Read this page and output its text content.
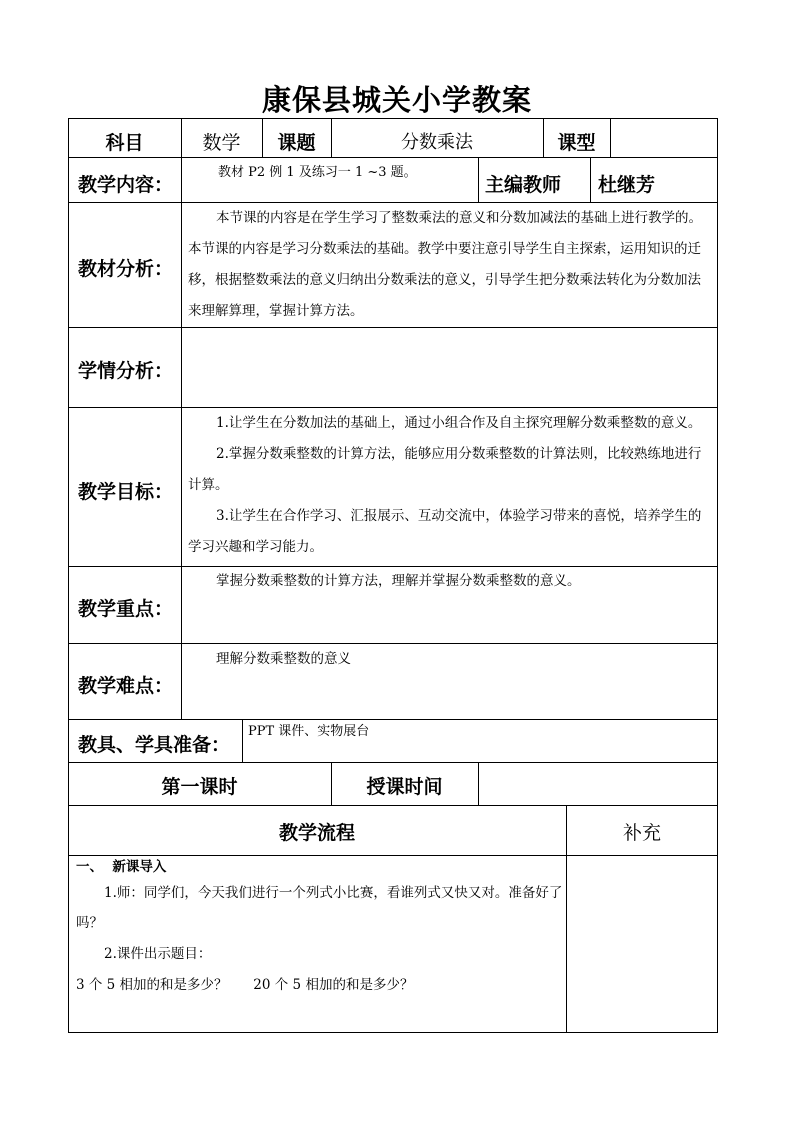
康保县城关小学教案
科目	数学	课题	分数乘法	课型
教学内容：
教材 P2 例 1 及练习一 1 ~3 题。
主编教师 杜继芳
教材分析：
本节课的内容是在学生学习了整数乘法的意义和分数加减法的基础上进行教学的。
本节课的内容是学习分数乘法的基础。教学中要注意引导学生自主探索，运用知识的迁
移，根据整数乘法的意义归纳出分数乘法的意义，引导学生把分数乘法转化为分数加法
来理解算理，掌握计算方法。
学情分析：
教学目标：
1.让学生在分数加法的基础上，通过小组合作及自主探究理解分数乘整数的意义。
2.掌握分数乘整数的计算方法，能够应用分数乘整数的计算法则，比较熟练地进行
计算。
3.让学生在合作学习、汇报展示、互动交流中，体验学习带来的喜悦，培养学生的
学习兴趣和学习能力。
教学重点：
掌握分数乘整数的计算方法，理解并掌握分数乘整数的意义。
教学难点：
理解分数乘整数的意义
教具、学具准备：
PPT 课件、实物展台
第一课时	授课时间
教学流程	补充
一、  新课导入
1.师：同学们，今天我们进行一个列式小比赛，看谁列式又快又对。准备好了
吗？
2.课件出示题目：
3 个 5 相加的和是多少？      20 个 5 相加的和是多少？
